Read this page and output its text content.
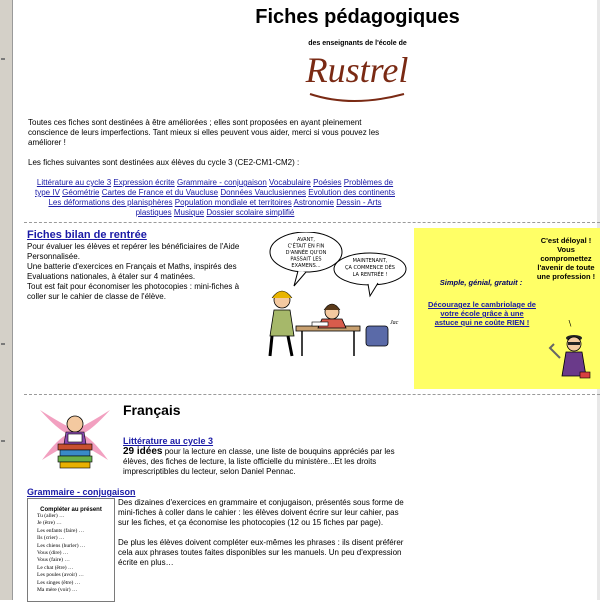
Fiches pédagogiques
des enseignants de l'école de
Rustrel

Toutes ces fiches sont destinées à être améliorées ; elles sont proposées en ayant pleinement conscience de leurs imperfections. Tant mieux si elles peuvent vous aider, merci si vous pouvez les améliorer !

Les fiches suivantes sont destinées aux élèves du cycle 3 (CE2-CM1-CM2) :

Littérature au cycle 3 Expression écrite Grammaire - conjugaison Vocabulaire Poésies Problèmes de type IV Géométrie Cartes de France et du Vaucluse Données Vauclusiennes Evolution des continents Les déformations des planisphères Population mondiale et territoires Astronomie Dessin - Arts plastiques Musique Dossier scolaire simplifié
Fiches bilan de rentrée

Pour évaluer les élèves et repérer les bénéficiaires de l'Aide Personnalisée.

Une batterie d'exercices en Français et Maths, inspirés des Evaluations nationales, à étaler sur 4 matinées.

Tout est fait pour économiser les photocopies : mini-fiches à coller sur le cahier de classe de l'élève.

AVANT,
C'ÉTAIT EN FIN
D'ANNÉE QU'ON
PASSAIT LES
EXAMENS...
MAINTENANT,
ÇA COMMENCE DÈS
LA RENTRÉE !
Jac
Simple, génial, gratuit :
Découragez le cambriolage de votre école grâce à une astuce qui ne coûte RIEN !
C'est déloyal ! Vous compromettez l'avenir de toute une profession !
\
Français
Littérature au cycle 3
29 idées pour la lecture en classe, une liste de bouquins appréciés par les élèves, des fiches de lecture, la liste officielle du ministère...Et les droits imprescriptibles du lecteur, selon Daniel Pennac.
Grammaire - conjugaison
Compléter au présent
Tu (aller) …
Je (être) …
Les enfants (faire) …
Ils (crier) …
Les chiens (hurler) …
Vous (dire) …
Vous (faire) …
Le chat (être) …
Les poules (avoir) …
Les singes (être) …
Ma mère (voir) …

Des dizaines d'exercices en grammaire et conjugaison, présentés sous forme de mini-fiches à coller dans le cahier : les élèves doivent écrire sur leur cahier, pas sur les fiches, et ça économise les photocopies (12 ou 15 fiches par page).

De plus les élèves doivent compléter eux-mêmes les phrases : ils disent préférer cela aux phrases toutes faites disponibles sur les manuels. Un peu d'expression écrite en plus…
